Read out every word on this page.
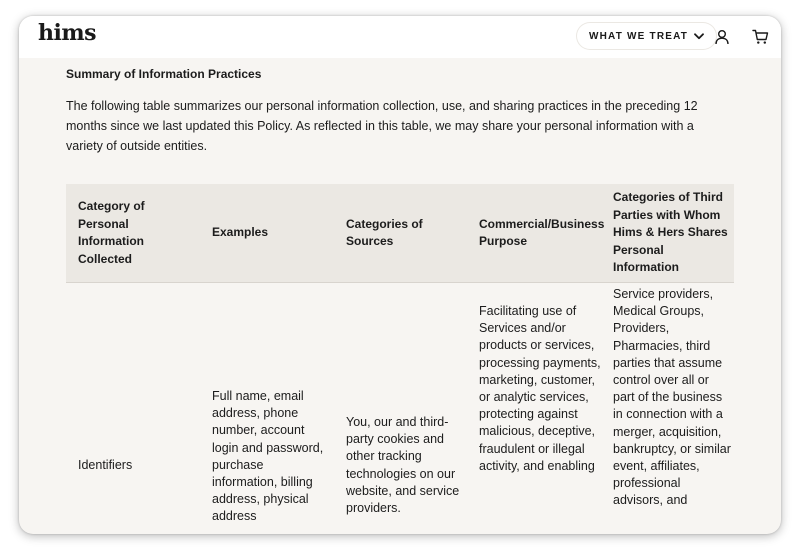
hims	WHAT WE TREAT
Summary of Information Practices
The following table summarizes our personal information collection, use, and sharing practices in the preceding 12 months since we last updated this Policy. As reflected in this table, we may share your personal information with a variety of outside entities.
Category of Personal Information Collected
Examples
Categories of Sources
Commercial/Business Purpose
Categories of Third Parties with Whom Hims & Hers Shares Personal Information
Identifiers
Full name, email address, phone number, account login and password, purchase information, billing address, physical address
You, our and third-party cookies and other tracking technologies on our website, and service providers.
Facilitating use of Services and/or products or services, processing payments, marketing, customer, or analytic services, protecting against malicious, deceptive, fraudulent or illegal activity, and enabling
Service providers, Medical Groups, Providers, Pharmacies, third parties that assume control over all or part of the business in connection with a merger, acquisition, bankruptcy, or similar event, affiliates, professional advisors, and
